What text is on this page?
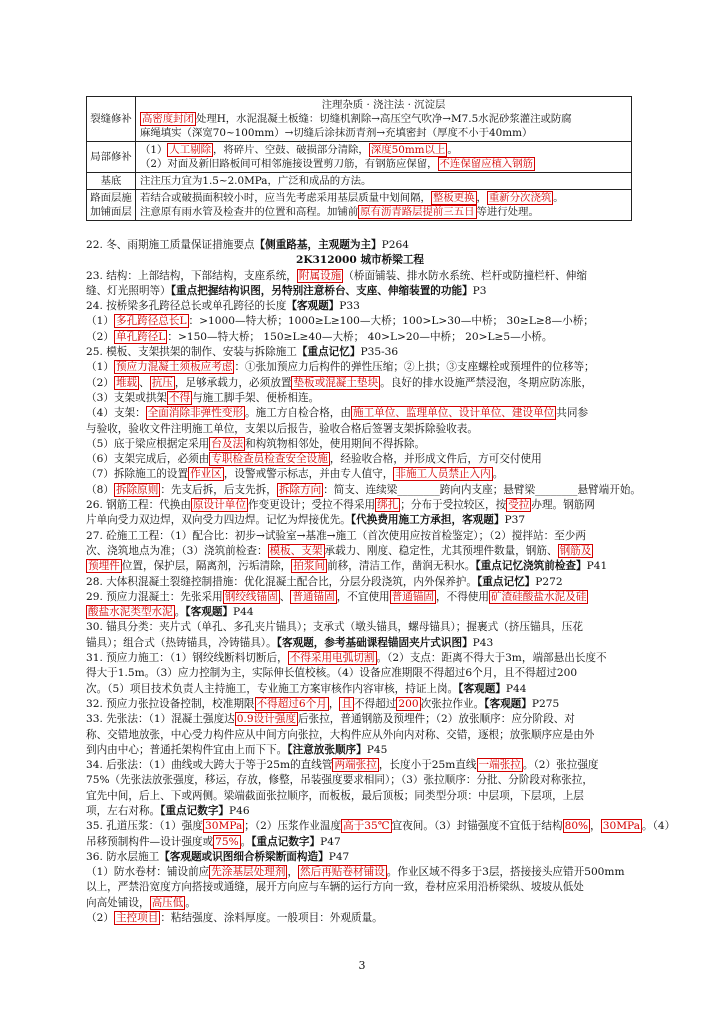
裂缝修补	注理杂质 · 浇注法 · 沉淀层
高密度封闭 处理H，水泥混凝土板缝：切缝机割除→高压空气吹净→M7.5水泥砂浆灌注或防腐
麻绳填实（深宽70~100mm）→切缝后涂抹沥青剂→充填密封（厚度不小于40mm）

局部修补	（1） 人工剔除 ，将碎片、空鼓、破损部分清除， 深度50mm以上 。
（2）对面及新旧路板间可相邻施接设置剪刀筋，有钢筋应保留， 不连保留应植入钢筋

基底	注注压力宜为1.5~2.0MPa，广泛和成品的方法。
路面层施加铺面层	若结合或破损面积较小时，应当先考虑采用基层质量中划间隔， 整板更换 ， 重新分次浇筑 。
注意原有雨水管及检查井的位置和高程。加铺前 原有沥青路层提前三五日 等进行处理。
22. 冬、雨期施工质量保证措施要点【侧重路基，主观题为主】P264
2K312000 城市桥梁工程
23. 结构：上部结构，下部结构，支座系统， 附属设施 （桥面铺装、排水防水系统、栏杆或防撞栏杆、伸缩
缝、灯光照明等）【重点把握结构识图，另特别注意桥台、支座、伸缩装置的功能】P3
24. 按桥梁多孔跨径总长或单孔跨径的长度【客观题】P33
（1） 多孔跨径总长L ：>1000—特大桥；1000≥L≥100—大桥；100>L>30—中桥； 30≥L≥8—小桥；
（2） 单孔跨径L ：>150—特大桥； 150≥L≥40—大桥； 40>L>20—中桥； 20>L≥5—小桥。
25. 模板、支架拱架的制作、安装与拆除施工【重点记忆】P35-36
（1） 预应力混凝土须板应考虑 ：①张加预应力后构件的弹性压缩；②上拱；③支座螺栓或预埋件的位移等；
（2） 堆载 、 抗压 ，足够承载力，必须放置 垫板或混凝土垫块 。良好的排水设施严禁浸泡，冬期应防冻胀，
（3）支架或拱架 不得 与施工脚手架、便桥相连。
（4）支架： 全面消除非弹性变形 。施工方自检合格，由 施工单位、监理单位、设计单位、建设单位 共同参
与验收，验收文件注明施工单位，支架以后报告，验收合格后签署支架拆除验收表。
（5）底于梁应根据定采用 台及法 和构筑物相邻处，使用期间不得拆除。
（6）支架完成后，必须由 专职检查员检查安全设施 ，经验收合格，并形成文件后，方可交付使用
（7）拆除施工的设置 作业区 ，设警戒警示标志，并由专人值守， 非施工人员禁止入内 。
（8） 拆除原则 ：先支后拆，后支先拆， 拆除方向 ：简支、连续梁________跨向内支座；悬臂梁________悬臂端开始。
26. 钢筋工程：代换由 原设计单位 作变更设计；受拉不得采用 绑扎 ；分布于受拉较区，按 受拉 办理。钢筋网
片单向受力双边焊，双向受力四边焊。记忆为焊接优先。【代换费用施工方承担，客观题】P37
27. 砼施工工程：（1）配合比：初步→试验室→基准→施工（首次使用应按首检鉴定）；（2）搅拌站：至少两
次、浇筑地点为准；（3）浇筑前检查： 模板、支架 承载力、刚度、稳定性，尤其预埋件数量，钢筋、 钢筋及
预埋件 位置，保护层，隔离剂，污垢清除， 拍浆间 前移，清洁工作，凿润无积水。【重点记忆浇筑前检查】P41
28. 大体积混凝土裂缝控制措施：优化混凝土配合比，分层分段浇筑，内外保养护。【重点记忆】P272
29. 预应力混凝土：先张采用 钢绞线锚固 、 普通锚固 ，不宜使用 普通锚固 ，不得使用 矿渣硅酸盐水泥及硅
酸盐水泥类型水泥 。【客观题】P44
30. 锚具分类：夹片式（单孔、多孔夹片锚具）；支承式（墩头锚具，螺母锚具）；握裹式（挤压锚具，压花
锚具）；组合式（热铸锚具，冷铸锚具）。【客观题，参考基础课程锚固夹片式识图】P43
31. 预应力施工：（1）钢绞线断料切断后， 不得采用电弧切割 。（2）支点：距离不得大于3m，端部悬出长度不
得大于1.5m。（3）应力控制为主，实际伸长值校核。（4）设备应准期限不得超过6个月，且不得超过200
次。（5）项目技术负责人主持施工，专业施工方案审核作内容审核，持证上岗。【客观题】P44
32. 预应力张拉设备控制，校准期限 不得超过6个月 ， 且 不得超过 200 次张拉作业。【客观题】P275
33. 先张法：（1）混凝土强度达 0.9设计强度 后张拉，普通钢筋及预埋件；（2）放张顺序：应分阶段、对
称、交错地放张，中心受力构件应从中间方向张拉，大构件应从外向内对称、交错，逐根；放张顺序应是由外
到内由中心；普通托架构件宜由上而下下。【注意放张顺序】P45
34. 后张法：（1）曲线或大跨大于等于25m的直线管 两端张拉 ，长度小于25m直线 一端张拉 。（2）张拉强度
75%（先张法放张强度，移运，存放，修整，吊装强度要求相同）；（3）张拉顺序：分批、分阶段对称张拉，
宜先中间，后上、下或两侧。梁端截面张拉顺序，而板板，最后顶板；同类型分项：中层项，下层项，上层
项，左右对称。【重点记数字】P46
35. 孔道压浆：（1）强度 30MPa ；（2）压浆作业温度 高于35℃ 宜夜间。（3）封锚强度不宜低于结构 80% ， 30MPa 。（4）
吊移预制构件—设计强度或 75% 。【重点记数字】P47
36. 防水层施工【客观题或识图细合桥梁断面构造】P47
（1）防水卷材：铺设前应 先涂基层处理剂 ， 然后再贴卷材铺设 。作业区域不得多于3层，搭接接头应错开500mm
以上，严禁沿宽度方向搭接或通缝，展开方向应与车辆的运行方向一致，卷材应采用沿桥梁纵、坡坡从低处
向高处铺设， 高压低 。
（2） 主控项目 ：粘结强度、涂料厚度。一般项目：外观质量。
3
